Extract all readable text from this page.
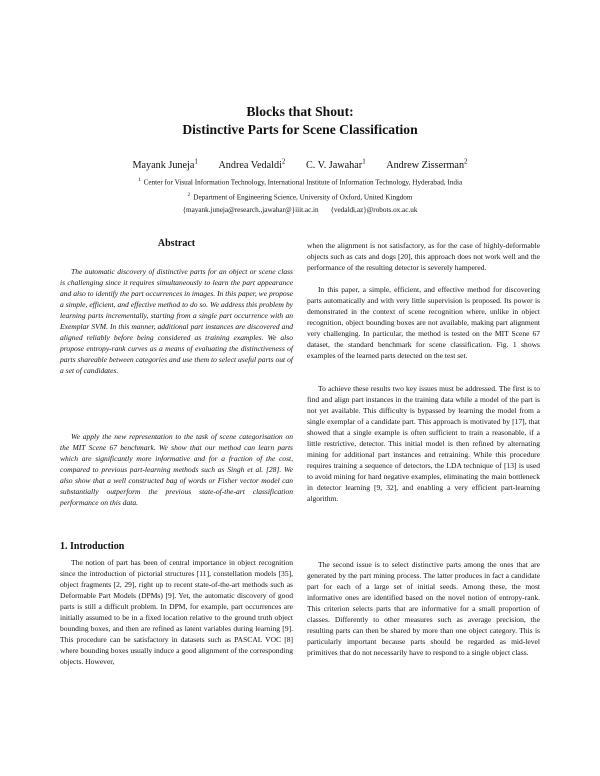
Blocks that Shout:
Distinctive Parts for Scene Classification
Mayank Juneja$^1$ Andrea Vedaldi$^2$ C. V. Jawahar$^1$ Andrew Zisserman$^2$
$^1$ Center for Visual Information Technology, International Institute of Information Technology, Hyderabad, India
$^2$ Department of Engineering Science, University of Oxford, United Kingdom
{mayank.juneja@research.,jawahar@}iiit.ac.in {vedaldi,az}@robots.ox.ac.uk
Abstract

The automatic discovery of distinctive parts for an object or scene class is challenging since it requires simultaneously to learn the part appearance and also to identify the part occurrences in images. In this paper, we propose a simple, efficient, and effective method to do so. We address this problem by learning parts incrementally, starting from a single part occurrence with an Exemplar SVM. In this manner, additional part instances are discovered and aligned reliably before being considered as training examples. We also propose entropy-rank curves as a means of evaluating the distinctiveness of parts shareable between categories and use them to select useful parts out of a set of candidates.

We apply the new representation to the task of scene categorisation on the MIT Scene 67 benchmark. We show that our method can learn parts which are significantly more informative and for a fraction of the cost, compared to previous part-learning methods such as Singh et al. [28]. We also show that a well constructed bag of words or Fisher vector model can substantially outperform the previous state-of-the-art classification performance on this data.

1. Introduction

The notion of part has been of central importance in object recognition since the introduction of pictorial structures [11], constellation models [35], object fragments [2, 29], right up to recent state-of-the-art methods such as Deformable Part Models (DPMs) [9]. Yet, the automatic discovery of good parts is still a difficult problem. In DPM, for example, part occurrences are initially assumed to be in a fixed location relative to the ground truth object bounding boxes, and then are refined as latent variables during learning [9]. This procedure can be satisfactory in datasets such as PASCAL VOC [8] where bounding boxes usually induce a good alignment of the corresponding objects. However,

when the alignment is not satisfactory, as for the case of highly-deformable objects such as cats and dogs [20], this approach does not work well and the performance of the resulting detector is severely hampered.

In this paper, a simple, efficient, and effective method for discovering parts automatically and with very little supervision is proposed. Its power is demonstrated in the context of scene recognition where, unlike in object recognition, object bounding boxes are not available, making part alignment very challenging. In particular, the method is tested on the MIT Scene 67 dataset, the standard benchmark for scene classification. Fig. 1 shows examples of the learned parts detected on the test set.

To achieve these results two key issues must be addressed. The first is to find and align part instances in the training data while a model of the part is not yet available. This difficulty is bypassed by learning the model from a single exemplar of a candidate part. This approach is motivated by [17], that showed that a single example is often sufficient to train a reasonable, if a little restrictive, detector. This initial model is then refined by alternating mining for additional part instances and retraining. While this procedure requires training a sequence of detectors, the LDA technique of [13] is used to avoid mining for hard negative examples, eliminating the main bottleneck in detector learning [9, 32], and enabling a very efficient part-learning algorithm.

The second issue is to select distinctive parts among the ones that are generated by the part mining process. The latter produces in fact a candidate part for each of a large set of initial seeds. Among these, the most informative ones are identified based on the novel notion of entropy-rank. This criterion selects parts that are informative for a small proportion of classes. Differently to other measures such as average precision, the resulting parts can then be shared by more than one object category. This is particularly important because parts should be regarded as mid-level primitives that do not necessarily have to respond to a single object class.
